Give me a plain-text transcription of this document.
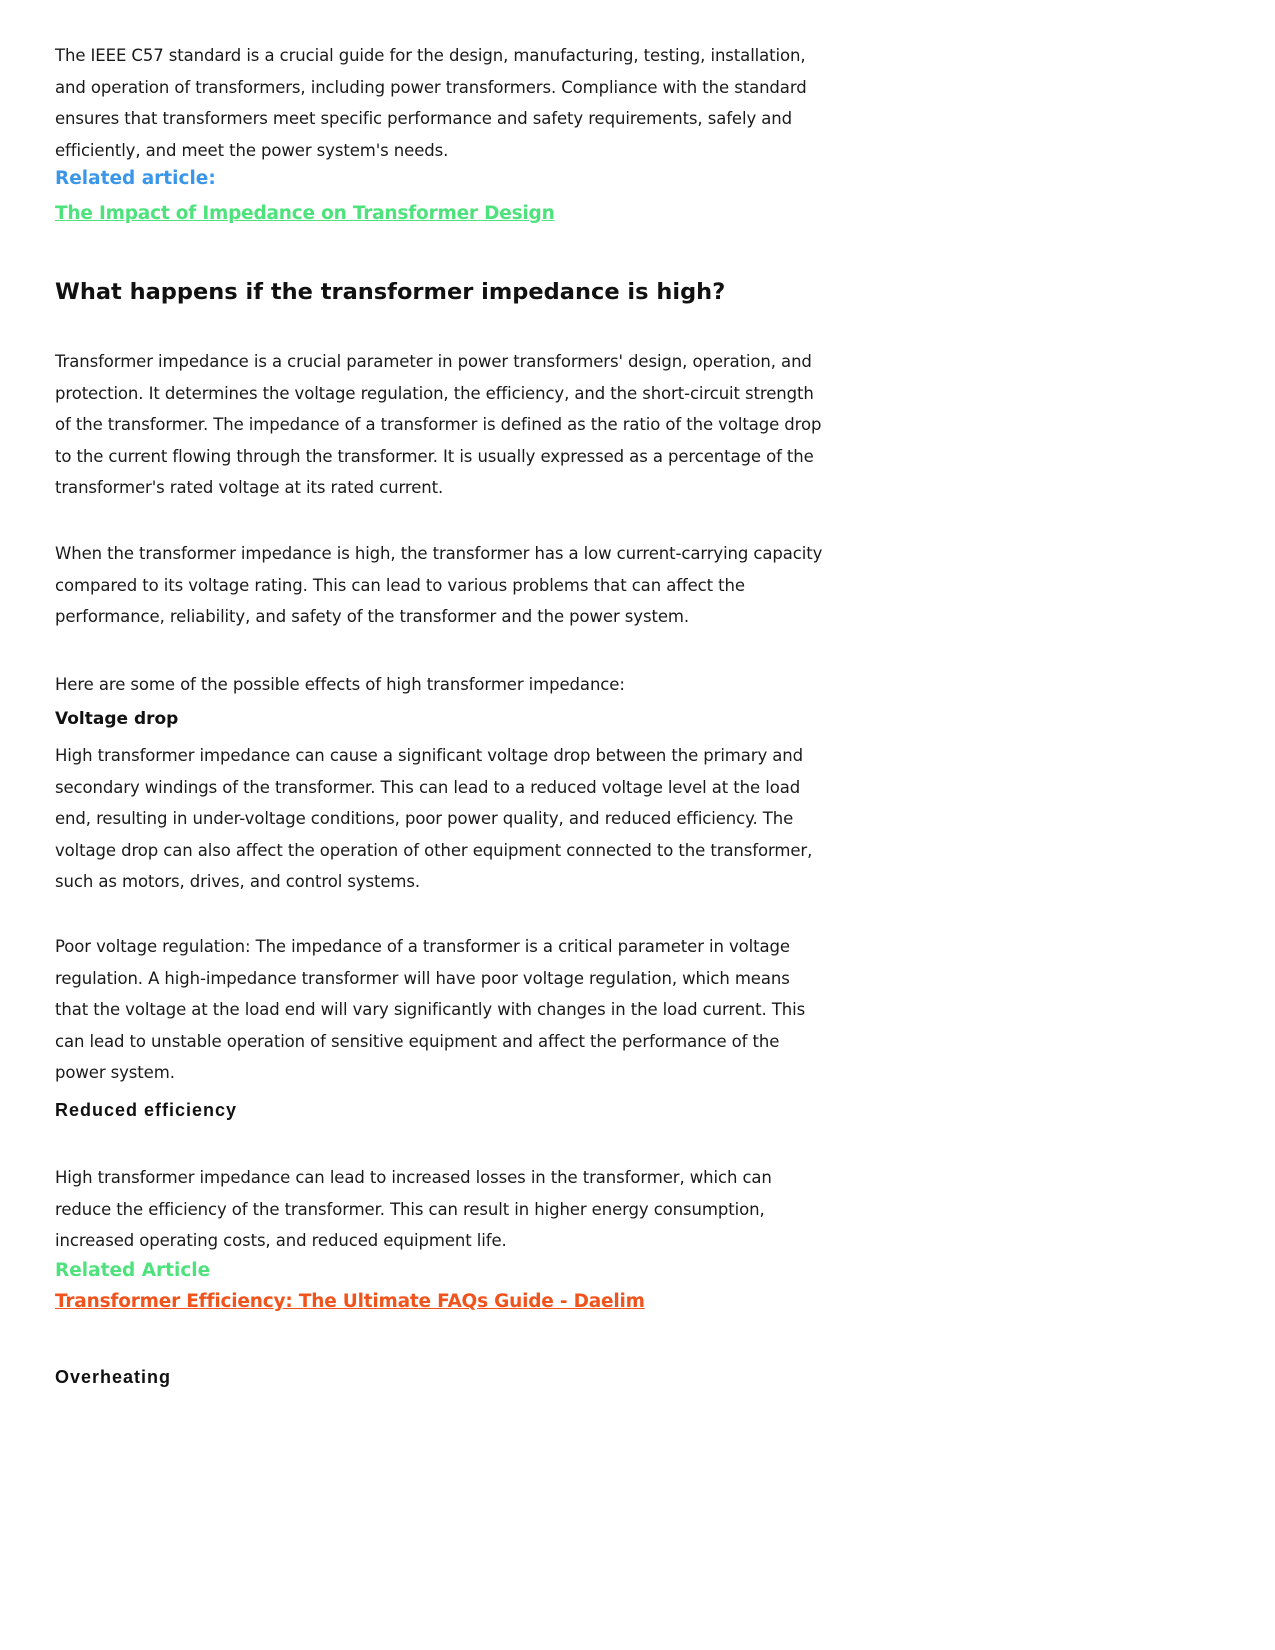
The IEEE C57 standard is a crucial guide for the design, manufacturing, testing, installation, and operation of transformers, including power transformers. Compliance with the standard ensures that transformers meet specific performance and safety requirements, safely and efficiently, and meet the power system's needs.

Related article:
The Impact of Impedance on Transformer Design
What happens if the transformer impedance is high?

Transformer impedance is a crucial parameter in power transformers' design, operation, and protection. It determines the voltage regulation, the efficiency, and the short-circuit strength of the transformer. The impedance of a transformer is defined as the ratio of the voltage drop to the current flowing through the transformer. It is usually expressed as a percentage of the transformer's rated voltage at its rated current.

When the transformer impedance is high, the transformer has a low current-carrying capacity compared to its voltage rating. This can lead to various problems that can affect the performance, reliability, and safety of the transformer and the power system.

Here are some of the possible effects of high transformer impedance:

Voltage drop

High transformer impedance can cause a significant voltage drop between the primary and secondary windings of the transformer. This can lead to a reduced voltage level at the load end, resulting in under-voltage conditions, poor power quality, and reduced efficiency. The voltage drop can also affect the operation of other equipment connected to the transformer, such as motors, drives, and control systems.

Poor voltage regulation: The impedance of a transformer is a critical parameter in voltage regulation. A high-impedance transformer will have poor voltage regulation, which means that the voltage at the load end will vary significantly with changes in the load current. This can lead to unstable operation of sensitive equipment and affect the performance of the power system.

Reduced efficiency

High transformer impedance can lead to increased losses in the transformer, which can reduce the efficiency of the transformer. This can result in higher energy consumption, increased operating costs, and reduced equipment life.

Related Article
Transformer Efficiency: The Ultimate FAQs Guide - Daelim
Overheating
